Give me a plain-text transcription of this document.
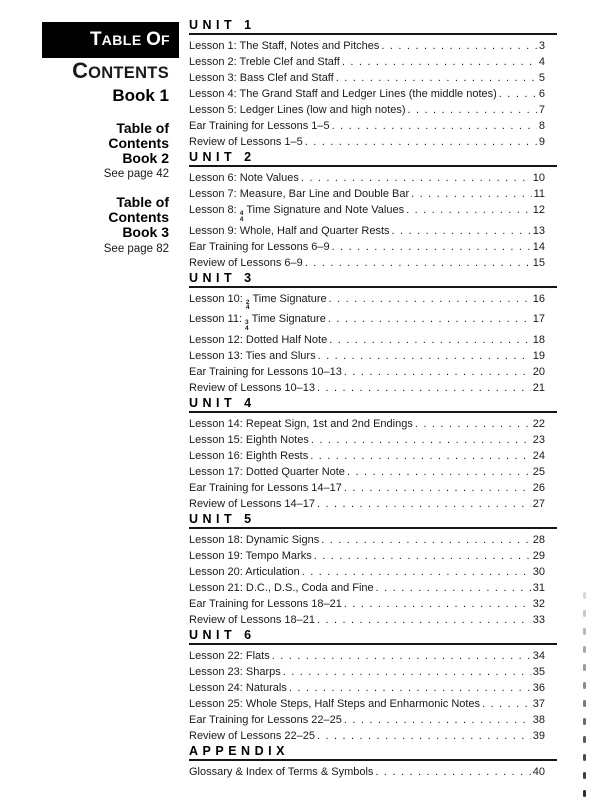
TABLE OF
CONTENTS
Book 1
Table of
Contents
Book 2
See page 42
Table of
Contents
Book 3
See page 82
UNIT 1
Lesson 1: The Staff, Notes and Pitches . . .	3
Lesson 2: Treble Clef and Staff . . .	4
Lesson 3: Bass Clef and Staff . . .	5
Lesson 4: The Grand Staff and Ledger Lines (the middle notes) . . .	6
Lesson 5: Ledger Lines (low and high notes) . . .	7
Ear Training for Lessons 1–5 . . .	8
Review of Lessons 1–5 . . .	9
UNIT 2
Lesson 6: Note Values . . .	10
Lesson 7: Measure, Bar Line and Double Bar . . .	11
Lesson 8: 4
4
Time Signature and Note Values . . .	12
Lesson 9: Whole, Half and Quarter Rests . . .	13
Ear Training for Lessons 6–9 . . .	14
Review of Lessons 6–9 . . .	15
UNIT 3
Lesson 10: 2
4
Time Signature . . .	16
Lesson 11: 3
4
Time Signature . . .	17
Lesson 12: Dotted Half Note . . .	18
Lesson 13: Ties and Slurs . . .	19
Ear Training for Lessons 10–13 . . .	20
Review of Lessons 10–13 . . .	21
UNIT 4
Lesson 14: Repeat Sign, 1st and 2nd Endings . . .	22
Lesson 15: Eighth Notes . . .	23
Lesson 16: Eighth Rests . . .	24
Lesson 17: Dotted Quarter Note . . .	25
Ear Training for Lessons 14–17 . . .	26
Review of Lessons 14–17 . . .	27
UNIT 5
Lesson 18: Dynamic Signs . . .	28
Lesson 19: Tempo Marks . . .	29
Lesson 20: Articulation . . .	30
Lesson 21: D.C., D.S., Coda and Fine . . .	31
Ear Training for Lessons 18–21 . . .	32
Review of Lessons 18–21 . . .	33
UNIT 6
Lesson 22: Flats . . .	34
Lesson 23: Sharps . . .	35
Lesson 24: Naturals . . .	36
Lesson 25: Whole Steps, Half Steps and Enharmonic Notes . . .	37
Ear Training for Lessons 22–25 . . .	38
Review of Lessons 22–25 . . .	39
APPENDIX
Glossary & Index of Terms & Symbols . . .	40
